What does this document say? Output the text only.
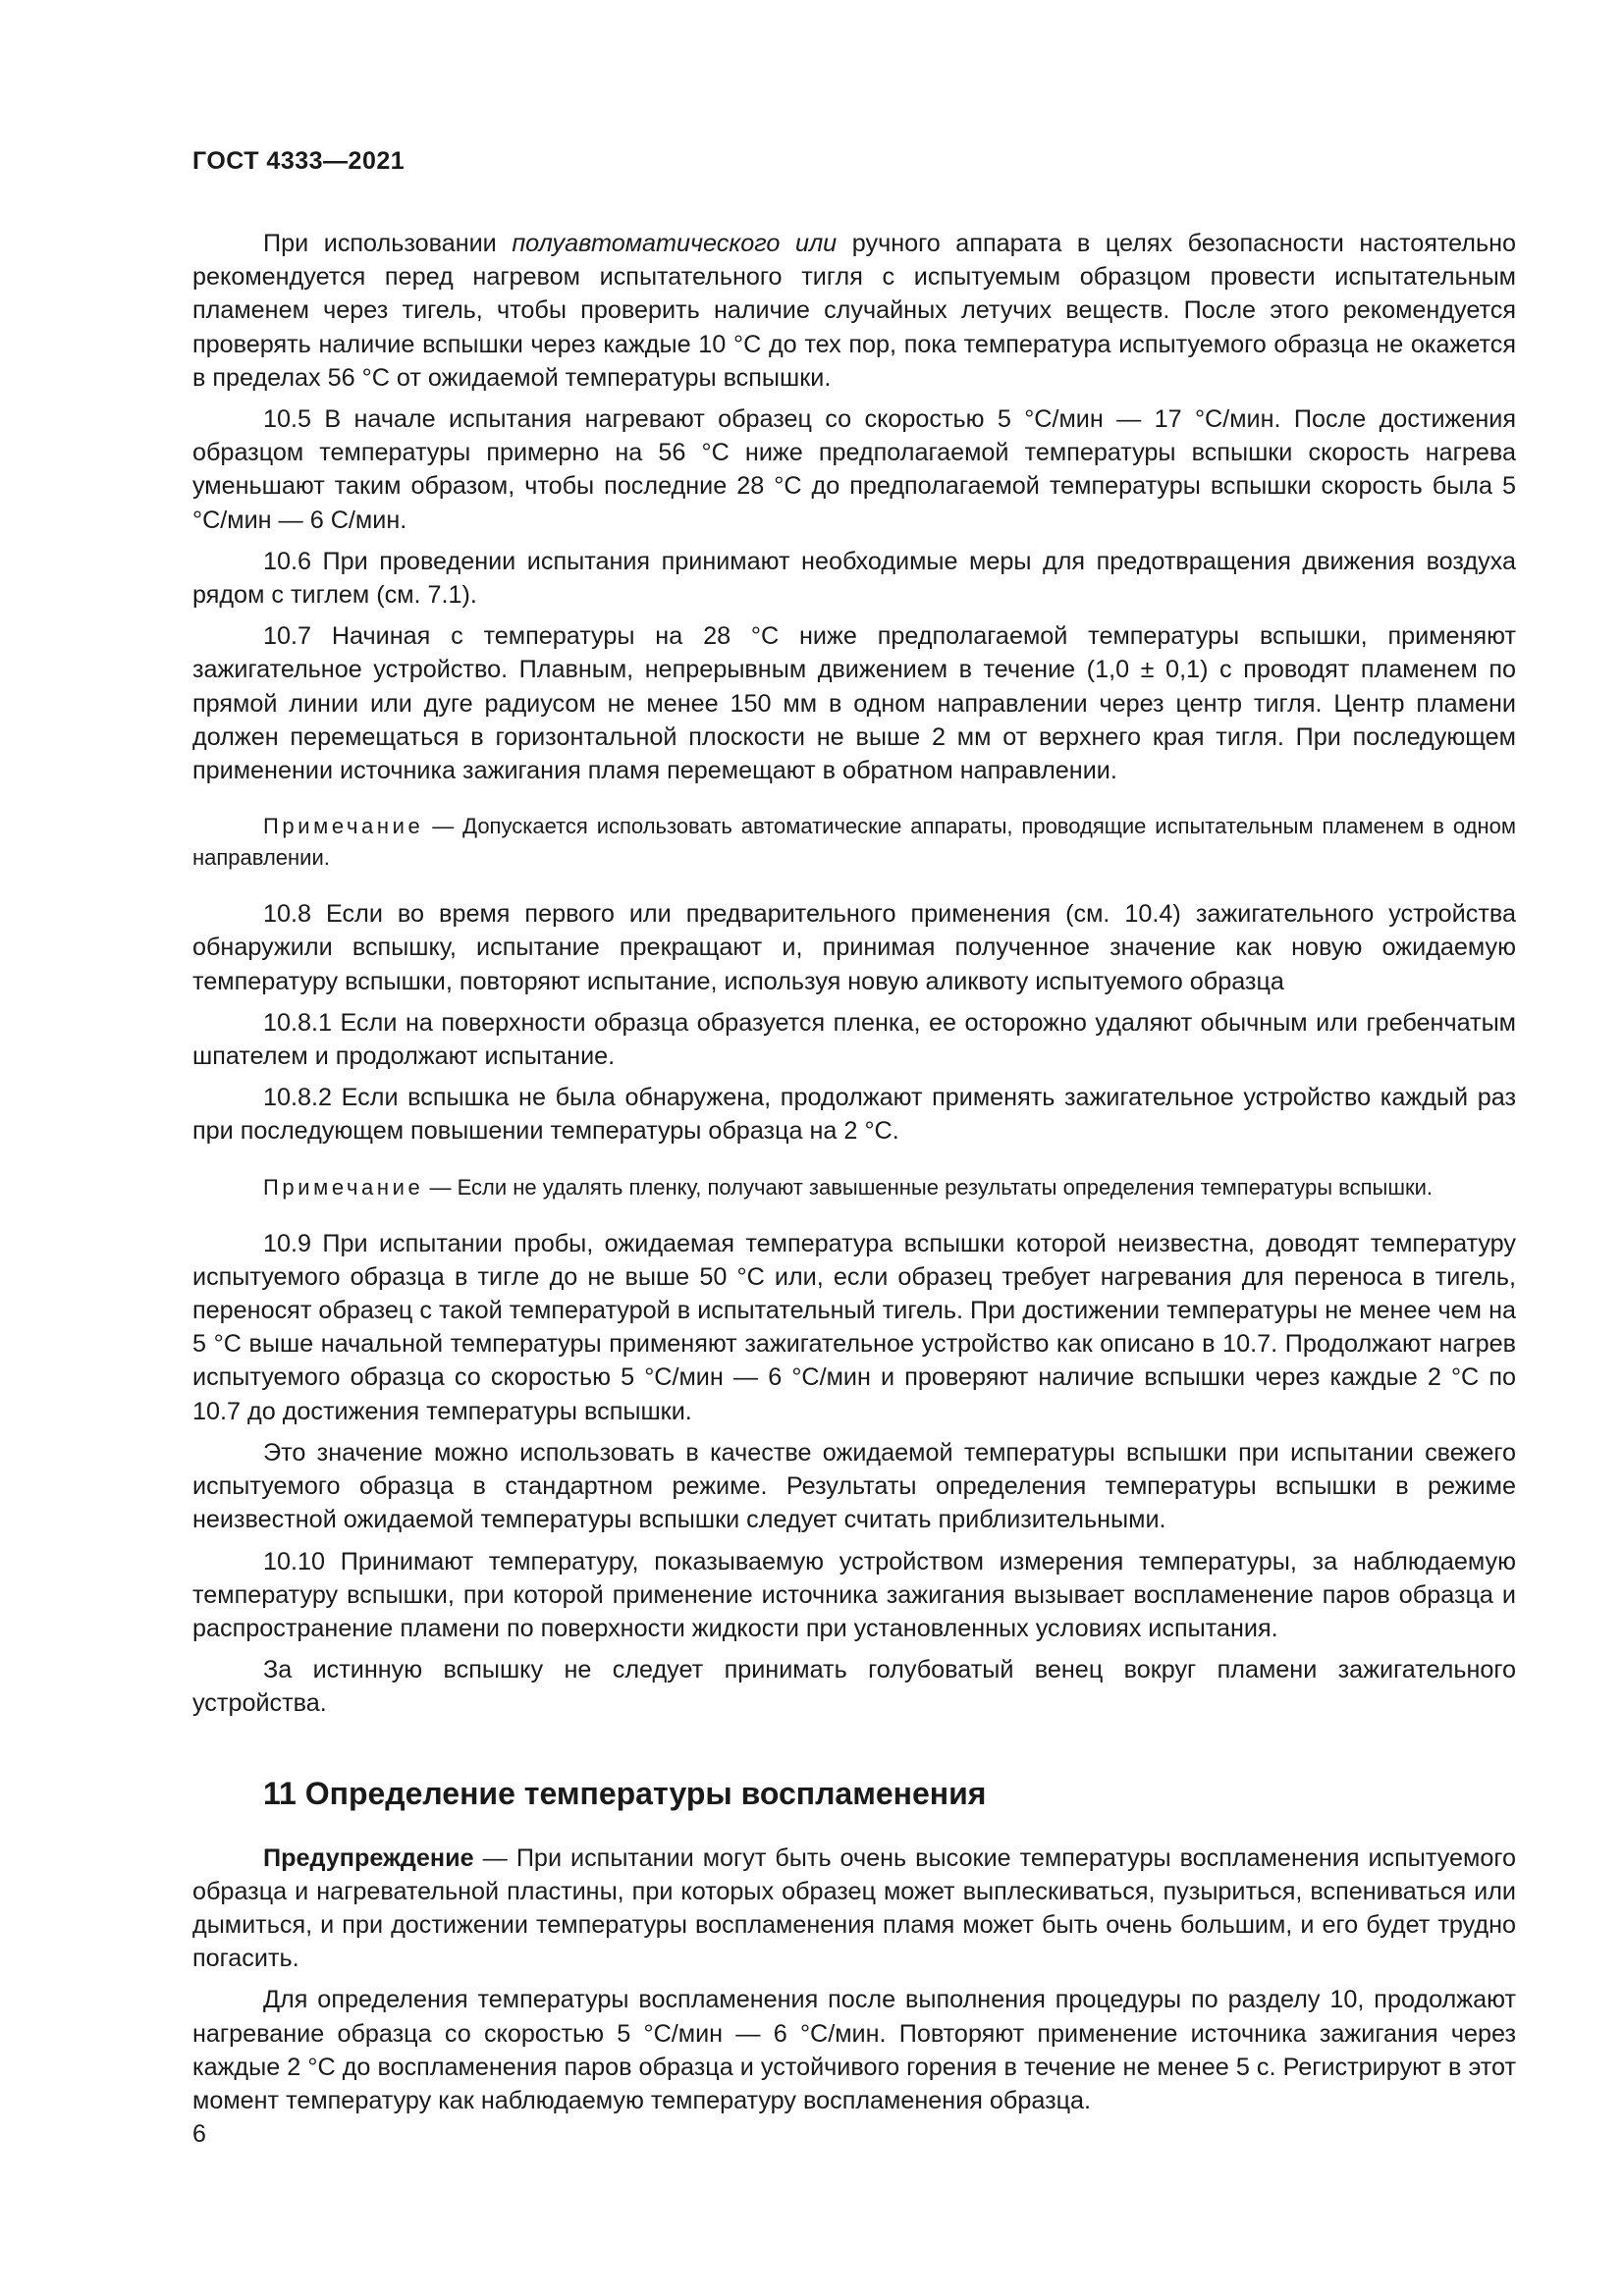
ГОСТ 4333—2021

При использовании полуавтоматического или ручного аппарата в целях безопасности настоятельно рекомендуется перед нагревом испытательного тигля с испытуемым образцом провести испытательным пламенем через тигель, чтобы проверить наличие случайных летучих веществ. После этого рекомендуется проверять наличие вспышки через каждые 10 °С до тех пор, пока температура испытуемого образца не окажется в пределах 56 °С от ожидаемой температуры вспышки.

10.5 В начале испытания нагревают образец со скоростью 5 °С/мин — 17 °С/мин. После достижения образцом температуры примерно на 56 °С ниже предполагаемой температуры вспышки скорость нагрева уменьшают таким образом, чтобы последние 28 °С до предполагаемой температуры вспышки скорость была 5 °С/мин — 6 С/мин.

10.6 При проведении испытания принимают необходимые меры для предотвращения движения воздуха рядом с тиглем (см. 7.1).

10.7 Начиная с температуры на 28 °С ниже предполагаемой температуры вспышки, применяют зажигательное устройство. Плавным, непрерывным движением в течение (1,0 ± 0,1) с проводят пламенем по прямой линии или дуге радиусом не менее 150 мм в одном направлении через центр тигля. Центр пламени должен перемещаться в горизонтальной плоскости не выше 2 мм от верхнего края тигля. При последующем применении источника зажигания пламя перемещают в обратном направлении.

Примечание — Допускается использовать автоматические аппараты, проводящие испытательным пламенем в одном направлении.

10.8 Если во время первого или предварительного применения (см. 10.4) зажигательного устройства обнаружили вспышку, испытание прекращают и, принимая полученное значение как новую ожидаемую температуру вспышки, повторяют испытание, используя новую аликвоту испытуемого образца

10.8.1 Если на поверхности образца образуется пленка, ее осторожно удаляют обычным или гребенчатым шпателем и продолжают испытание.

10.8.2 Если вспышка не была обнаружена, продолжают применять зажигательное устройство каждый раз при последующем повышении температуры образца на 2 °С.

Примечание — Если не удалять пленку, получают завышенные результаты определения температуры вспышки.

10.9 При испытании пробы, ожидаемая температура вспышки которой неизвестна, доводят температуру испытуемого образца в тигле до не выше 50 °С или, если образец требует нагревания для переноса в тигель, переносят образец с такой температурой в испытательный тигель. При достижении температуры не менее чем на 5 °С выше начальной температуры применяют зажигательное устройство как описано в 10.7. Продолжают нагрев испытуемого образца со скоростью 5 °С/мин — 6 °С/мин и проверяют наличие вспышки через каждые 2 °С по 10.7 до достижения температуры вспышки.

Это значение можно использовать в качестве ожидаемой температуры вспышки при испытании свежего испытуемого образца в стандартном режиме. Результаты определения температуры вспышки в режиме неизвестной ожидаемой температуры вспышки следует считать приблизительными.

10.10 Принимают температуру, показываемую устройством измерения температуры, за наблюдаемую температуру вспышки, при которой применение источника зажигания вызывает воспламенение паров образца и распространение пламени по поверхности жидкости при установленных условиях испытания.

За истинную вспышку не следует принимать голубоватый венец вокруг пламени зажигательного устройства.

11 Определение температуры воспламенения

Предупреждение — При испытании могут быть очень высокие температуры воспламенения испытуемого образца и нагревательной пластины, при которых образец может выплескиваться, пузыриться, вспениваться или дымиться, и при достижении температуры воспламенения пламя может быть очень большим, и его будет трудно погасить.

Для определения температуры воспламенения после выполнения процедуры по разделу 10, продолжают нагревание образца со скоростью 5 °С/мин — 6 °С/мин. Повторяют применение источника зажигания через каждые 2 °С до воспламенения паров образца и устойчивого горения в течение не менее 5 с. Регистрируют в этот момент температуру как наблюдаемую температуру воспламенения образца.

6
